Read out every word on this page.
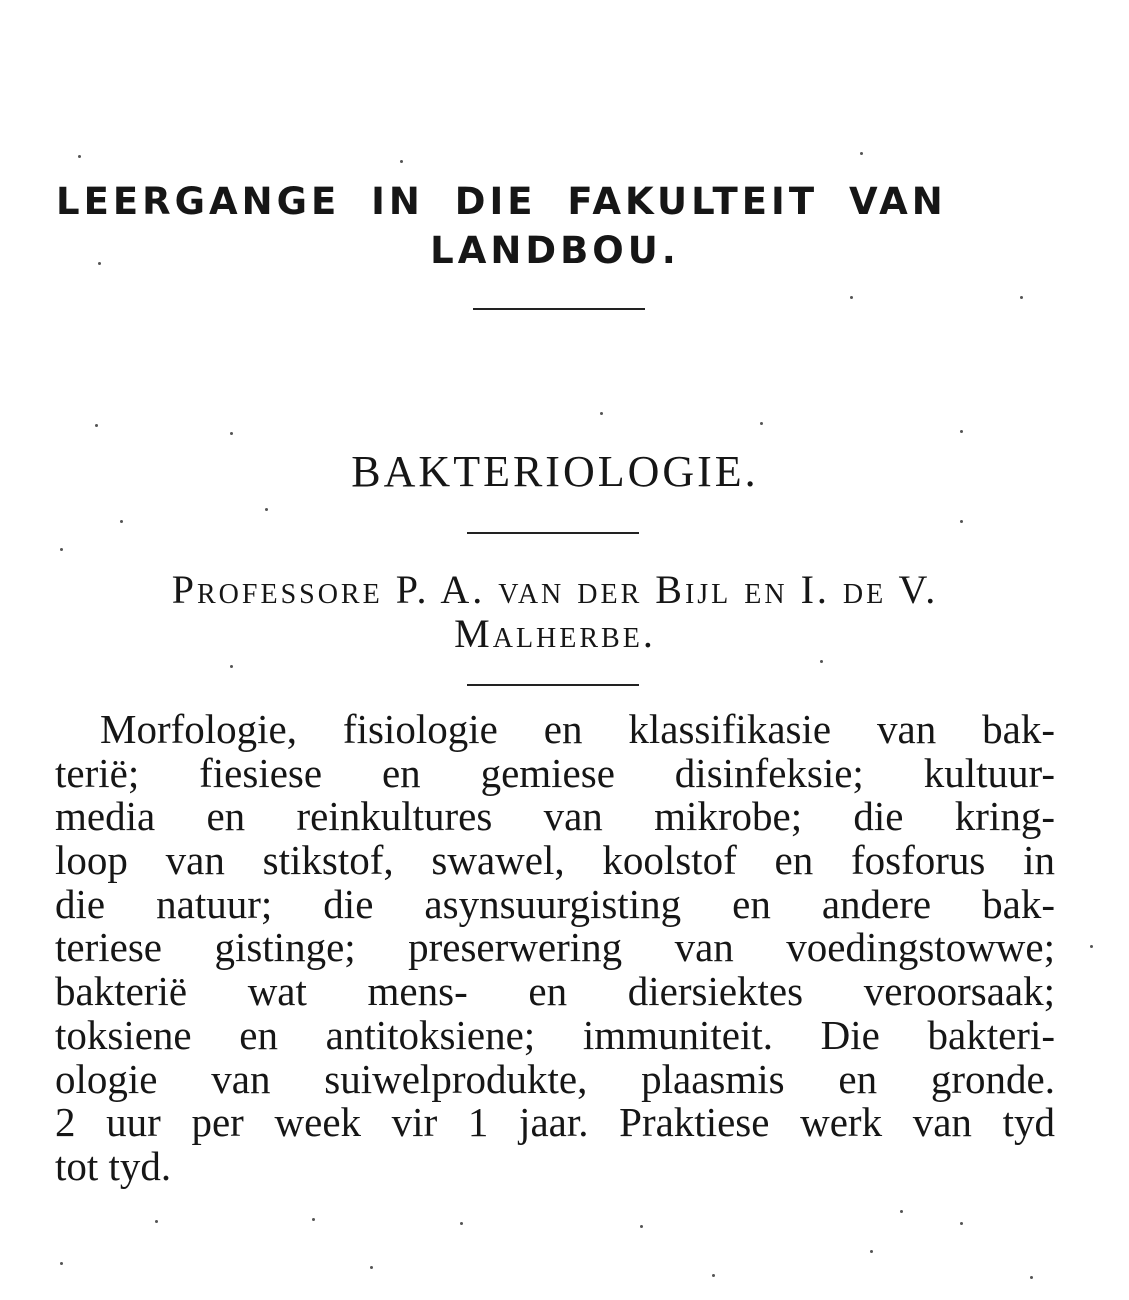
LEERGANGE IN DIE FAKULTEIT VAN
LANDBOU.
BAKTERIOLOGIE.

Professore P. A. van der Bijl en I. de V.

Malherbe.

Morfologie, fisiologie en klassifikasie van bak-
terië; fiesiese en gemiese disinfeksie; kultuur-
media en reinkultures van mikrobe; die kring-
loop van stikstof, swawel, koolstof en fosforus in
die natuur; die asynsuurgisting en andere bak-
teriese gistinge; preserwering van voedingstowwe;
bakterië wat mens- en diersiektes veroorsaak;
toksiene en antitoksiene; immuniteit. Die bakteri-
ologie van suiwelprodukte, plaasmis en gronde.
2 uur per week vir 1 jaar. Praktiese werk van tyd
tot tyd.
